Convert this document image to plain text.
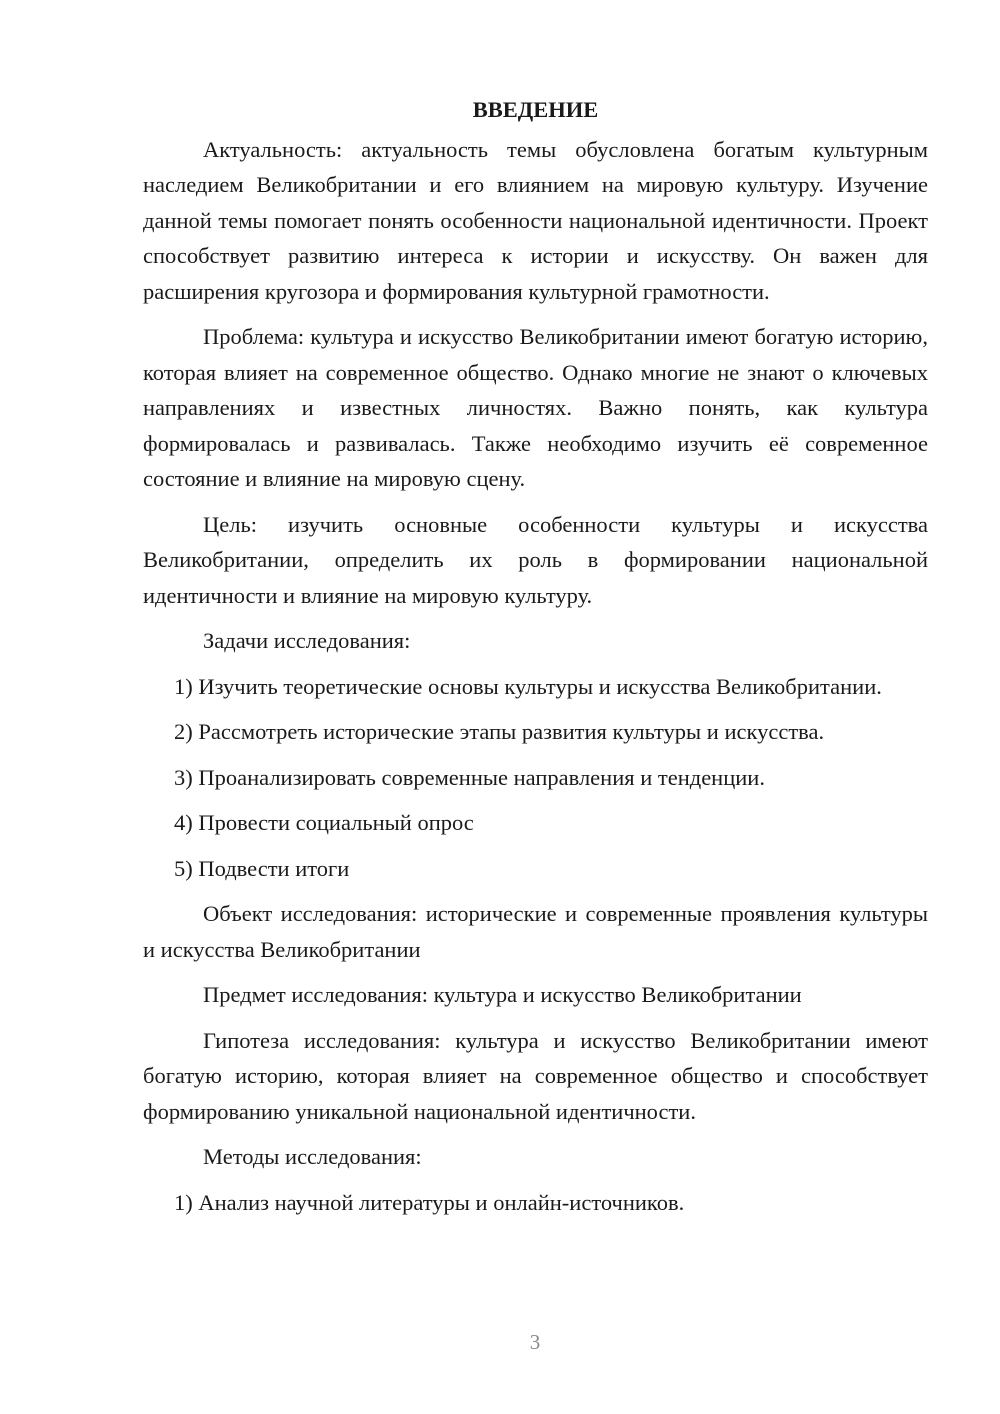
ВВЕДЕНИЕ

Актуальность: актуальность темы обусловлена богатым культурным наследием Великобритании и его влиянием на мировую культуру. Изучение данной темы помогает понять особенности национальной идентичности. Проект способствует развитию интереса к истории и искусству. Он важен для расширения кругозора и формирования культурной грамотности.

Проблема: культура и искусство Великобритании имеют богатую историю, которая влияет на современное общество. Однако многие не знают о ключевых направлениях и известных личностях. Важно понять, как культура формировалась и развивалась. Также необходимо изучить её современное состояние и влияние на мировую сцену.

Цель: изучить основные особенности культуры и искусства Великобритании, определить их роль в формировании национальной идентичности и влияние на мировую культуру.

Задачи исследования:

1) Изучить теоретические основы культуры и искусства Великобритании.

2) Рассмотреть исторические этапы развития культуры и искусства.

3) Проанализировать современные направления и тенденции.

4) Провести социальный опрос

5) Подвести итоги

Объект исследования: исторические и современные проявления культуры и искусства Великобритании

Предмет исследования: культура и искусство Великобритании

Гипотеза исследования: культура и искусство Великобритании имеют богатую историю, которая влияет на современное общество и способствует формированию уникальной национальной идентичности.

Методы исследования:

1) Анализ научной литературы и онлайн-источников.

3
